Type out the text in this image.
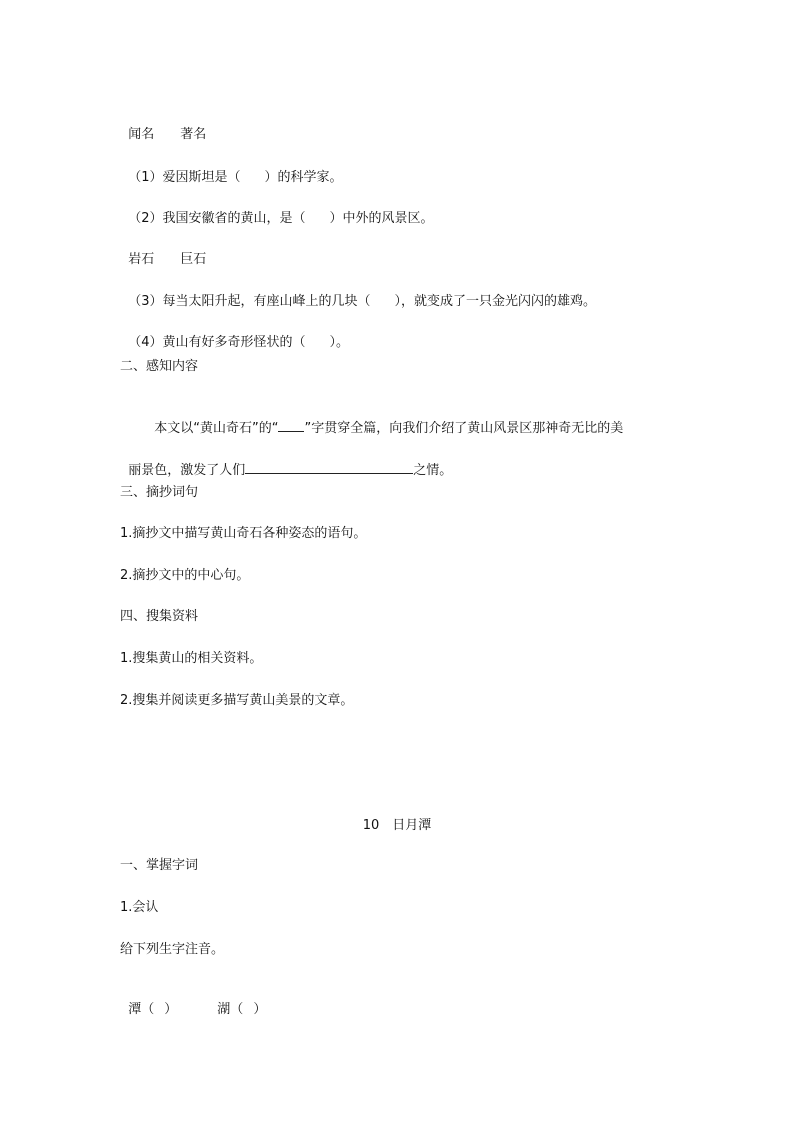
闻名 著名

（1）爱因斯坦是（ ）的科学家。

（2）我国安徽省的黄山，是（ ）中外的风景区。

岩石 巨石

（3）每当太阳升起，有座山峰上的几块（ ），就变成了一只金光闪闪的雄鸡。

（4）黄山有好多奇形怪状的（ ）。

二、感知内容

本文以“黄山奇石”的“ ”字贯穿全篇，向我们介绍了黄山风景区那神奇无比的美

丽景色，激发了人们	之情。

三、摘抄词句
1.摘抄文中描写黄山奇石各种姿态的语句。
2.摘抄文中的中心句。
四、搜集资料
1.搜集黄山的相关资料。
2.搜集并阅读更多描写黄山美景的文章。
10　日月潭
一、掌握字词
1.会认
给下列生字注音。

潭（ ）	湖（ ）
